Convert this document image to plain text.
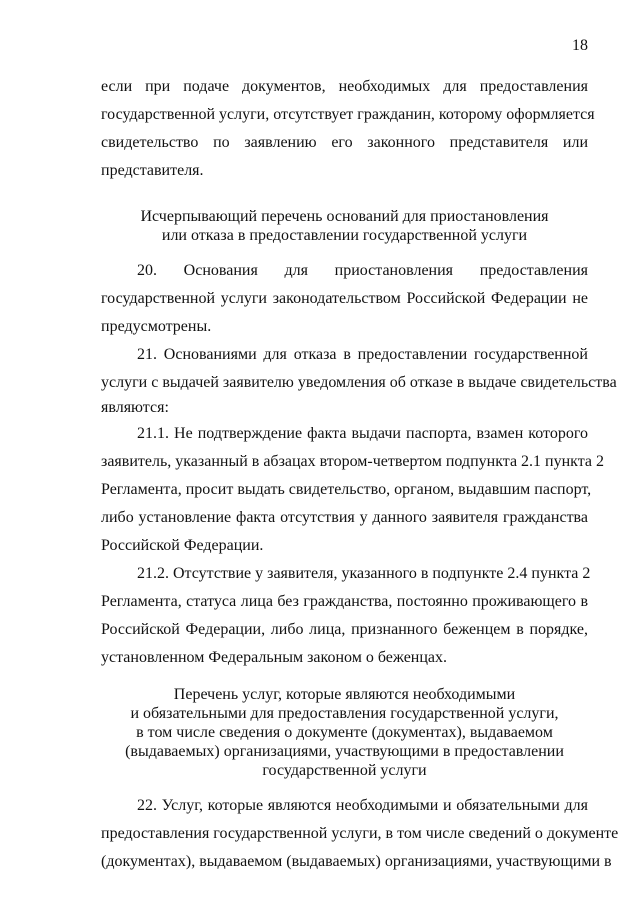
18
если при подаче документов, необходимых для предоставления
государственной услуги, отсутствует гражданин, которому оформляется
свидетельство по заявлению его законного представителя или
представителя.
Исчерпывающий перечень оснований для приостановления
или отказа в предоставлении государственной услуги
20. Основания для приостановления предоставления
государственной услуги законодательством Российской Федерации не
предусмотрены.
21. Основаниями для отказа в предоставлении государственной
услуги с выдачей заявителю уведомления об отказе в выдаче свидетельства
являются:
21.1. Не подтверждение факта выдачи паспорта, взамен которого
заявитель, указанный в абзацах втором-четвертом подпункта 2.1 пункта 2
Регламента, просит выдать свидетельство, органом, выдавшим паспорт,
либо установление факта отсутствия у данного заявителя гражданства
Российской Федерации.
21.2. Отсутствие у заявителя, указанного в подпункте 2.4 пункта 2
Регламента, статуса лица без гражданства, постоянно проживающего в
Российской Федерации, либо лица, признанного беженцем в порядке,
установленном Федеральным законом о беженцах.
Перечень услуг, которые являются необходимыми
и обязательными для предоставления государственной услуги,
в том числе сведения о документе (документах), выдаваемом
(выдаваемых) организациями, участвующими в предоставлении
государственной услуги
22. Услуг, которые являются необходимыми и обязательными для
предоставления государственной услуги, в том числе сведений о документе
(документах), выдаваемом (выдаваемых) организациями, участвующими в
